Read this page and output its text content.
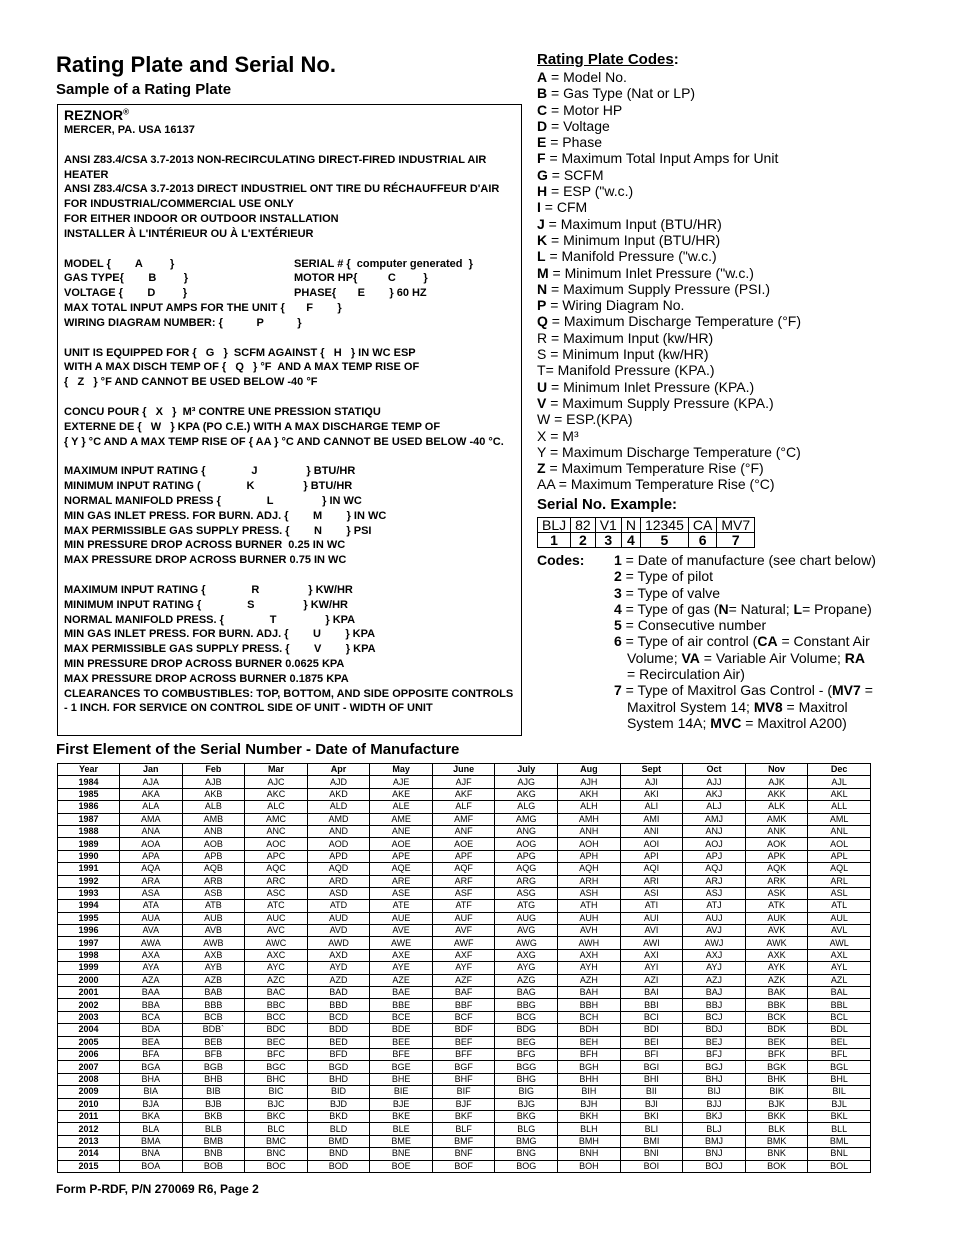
Rating Plate and Serial No.
Sample of a Rating Plate
REZNOR®
MERCER, PA. USA 16137
ANSI Z83.4/CSA 3.7-2013 NON-RECIRCULATING DIRECT-FIRED INDUSTRIAL AIR HEATER
ANSI Z83.4/CSA 3.7-2013 DIRECT INDUSTRIEL ONT TIRE DU RÉCHAUFFEUR D'AIR
FOR INDUSTRIAL/COMMERCIAL USE ONLY
FOR EITHER INDOOR OR OUTDOOR INSTALLATION
INSTALLER À L'INTÉRIEUR OU À L'EXTÉRIEUR
MODEL {        A         }	SERIAL # {  computer generated  }
GAS TYPE{        B         }	MOTOR HP{          C         }
VOLTAGE {        D         }	PHASE{       E        } 60 HZ
MAX TOTAL INPUT AMPS FOR THE UNIT {       F        }
WIRING DIAGRAM NUMBER: {           P           }
UNIT IS EQUIPPED FOR {   G   }  SCFM AGAINST {   H   } IN WC ESP
WITH A MAX DISCH TEMP OF {   Q   } °F  AND A MAX TEMP RISE OF
{   Z   } °F AND CANNOT BE USED BELOW -40 °F
CONCU POUR {   X   }  M³ CONTRE UNE PRESSION STATIQU
EXTERNE DE {   W   } KPA (PO C.E.) WITH A MAX DISCHARGE TEMP OF
{ Y } °C AND A MAX TEMP RISE OF { AA } °C AND CANNOT BE USED BELOW -40 °C.
MAXIMUM INPUT RATING {               J                } BTU/HR
MINIMUM INPUT RATING (               K                } BTU/HR
NORMAL MANIFOLD PRESS {               L                } IN WC
MIN GAS INLET PRESS. FOR BURN. ADJ. {        M        } IN WC
MAX PERMISSIBLE GAS SUPPLY PRESS. {        N        } PSI
MIN PRESSURE DROP ACROSS BURNER  0.25 IN WC
MAX PRESSURE DROP ACROSS BURNER 0.75 IN WC
MAXIMUM INPUT RATING {               R                } KW/HR
MINIMUM INPUT RATING {               S                } KW/HR
NORMAL MANIFOLD PRESS. {               T                } KPA
MIN GAS INLET PRESS. FOR BURN. ADJ. {        U        } KPA
MAX PERMISSIBLE GAS SUPPLY PRESS. {        V        } KPA
MIN PRESSURE DROP ACROSS BURNER 0.0625 KPA
MAX PRESSURE DROP ACROSS BURNER 0.1875 KPA
CLEARANCES TO COMBUSTIBLES: TOP, BOTTOM, AND SIDE OPPOSITE CONTROLS - 1 INCH. FOR SERVICE ON CONTROL SIDE OF UNIT - WIDTH OF UNIT
Rating Plate Codes:
A = Model No.
B = Gas Type (Nat or LP)
C = Motor HP
D = Voltage
E = Phase
F = Maximum Total Input Amps for Unit
G = SCFM
H = ESP ("w.c.)
I = CFM
J = Maximum Input (BTU/HR)
K = Minimum Input (BTU/HR)
L = Manifold Pressure ("w.c.)
M = Minimum Inlet Pressure ("w.c.)
N = Maximum Supply Pressure (PSI.)
P = Wiring Diagram No.
Q = Maximum Discharge Temperature (°F)
R = Maximum Input (kw/HR)
S = Minimum Input (kw/HR)
T= Manifold Pressure (KPA.)
U = Minimum Inlet Pressure (KPA.)
V = Maximum Supply Pressure (KPA.)
W = ESP.(KPA)
X = M³
Y = Maximum Discharge Temperature (°C)
Z = Maximum Temperature Rise (°F)
AA = Maximum Temperature Rise (°C)
Serial No. Example:
BLJ	82	V1	N	12345	CA	MV7
1	2	3	4	5	6	7
Codes:	1 = Date of manufacture (see chart below)
2 = Type of pilot
3 = Type of valve
4 = Type of gas (N= Natural; L= Propane)
5 = Consecutive number
6 = Type of air control (CA = Constant Air Volume; VA = Variable Air Volume; RA = Recirculation Air)
7 = Type of Maxitrol Gas Control - (MV7 = Maxitrol System 14; MV8 = Maxitrol System 14A; MVC = Maxitrol A200)
First Element of the Serial Number - Date of Manufacture
Year	Jan	Feb	Mar	Apr	May	June	July	Aug	Sept	Oct	Nov	Dec
1984	AJA	AJB	AJC	AJD	AJE	AJF	AJG	AJH	AJI	AJJ	AJK	AJL
1985	AKA	AKB	AKC	AKD	AKE	AKF	AKG	AKH	AKI	AKJ	AKK	AKL
1986	ALA	ALB	ALC	ALD	ALE	ALF	ALG	ALH	ALI	ALJ	ALK	ALL
1987	AMA	AMB	AMC	AMD	AME	AMF	AMG	AMH	AMI	AMJ	AMK	AML
1988	ANA	ANB	ANC	AND	ANE	ANF	ANG	ANH	ANI	ANJ	ANK	ANL
1989	AOA	AOB	AOC	AOD	AOE	AOE	AOG	AOH	AOI	AOJ	AOK	AOL
1990	APA	APB	APC	APD	APE	APF	APG	APH	API	APJ	APK	APL
1991	AQA	AQB	AQC	AQD	AQE	AQF	AQG	AQH	AQI	AQJ	AQK	AQL
1992	ARA	ARB	ARC	ARD	ARE	ARF	ARG	ARH	ARI	ARJ	ARK	ARL
1993	ASA	ASB	ASC	ASD	ASE	ASF	ASG	ASH	ASI	ASJ	ASK	ASL
1994	ATA	ATB	ATC	ATD	ATE	ATF	ATG	ATH	ATI	ATJ	ATK	ATL
1995	AUA	AUB	AUC	AUD	AUE	AUF	AUG	AUH	AUI	AUJ	AUK	AUL
1996	AVA	AVB	AVC	AVD	AVE	AVF	AVG	AVH	AVI	AVJ	AVK	AVL
1997	AWA	AWB	AWC	AWD	AWE	AWF	AWG	AWH	AWI	AWJ	AWK	AWL
1998	AXA	AXB	AXC	AXD	AXE	AXF	AXG	AXH	AXI	AXJ	AXK	AXL
1999	AYA	AYB	AYC	AYD	AYE	AYF	AYG	AYH	AYI	AYJ	AYK	AYL
2000	AZA	AZB	AZC	AZD	AZE	AZF	AZG	AZH	AZI	AZJ	AZK	AZL
2001	BAA	BAB	BAC	BAD	BAE	BAF	BAG	BAH	BAI	BAJ	BAK	BAL
2002	BBA	BBB	BBC	BBD	BBE	BBF	BBG	BBH	BBI	BBJ	BBK	BBL
2003	BCA	BCB	BCC	BCD	BCE	BCF	BCG	BCH	BCI	BCJ	BCK	BCL
2004	BDA	BDB`	BDC	BDD	BDE	BDF	BDG	BDH	BDI	BDJ	BDK	BDL
2005	BEA	BEB	BEC	BED	BEE	BEF	BEG	BEH	BEI	BEJ	BEK	BEL
2006	BFA	BFB	BFC	BFD	BFE	BFF	BFG	BFH	BFI	BFJ	BFK	BFL
2007	BGA	BGB	BGC	BGD	BGE	BGF	BGG	BGH	BGI	BGJ	BGK	BGL
2008	BHA	BHB	BHC	BHD	BHE	BHF	BHG	BHH	BHI	BHJ	BHK	BHL
2009	BIA	BIB	BIC	BID	BIE	BIF	BIG	BIH	BII	BIJ	BIK	BIL
2010	BJA	BJB	BJC	BJD	BJE	BJF	BJG	BJH	BJI	BJJ	BJK	BJL
2011	BKA	BKB	BKC	BKD	BKE	BKF	BKG	BKH	BKI	BKJ	BKK	BKL
2012	BLA	BLB	BLC	BLD	BLE	BLF	BLG	BLH	BLI	BLJ	BLK	BLL
2013	BMA	BMB	BMC	BMD	BME	BMF	BMG	BMH	BMI	BMJ	BMK	BML
2014	BNA	BNB	BNC	BND	BNE	BNF	BNG	BNH	BNI	BNJ	BNK	BNL
2015	BOA	BOB	BOC	BOD	BOE	BOF	BOG	BOH	BOI	BOJ	BOK	BOL
Form P-RDF, P/N 270069 R6, Page 2
